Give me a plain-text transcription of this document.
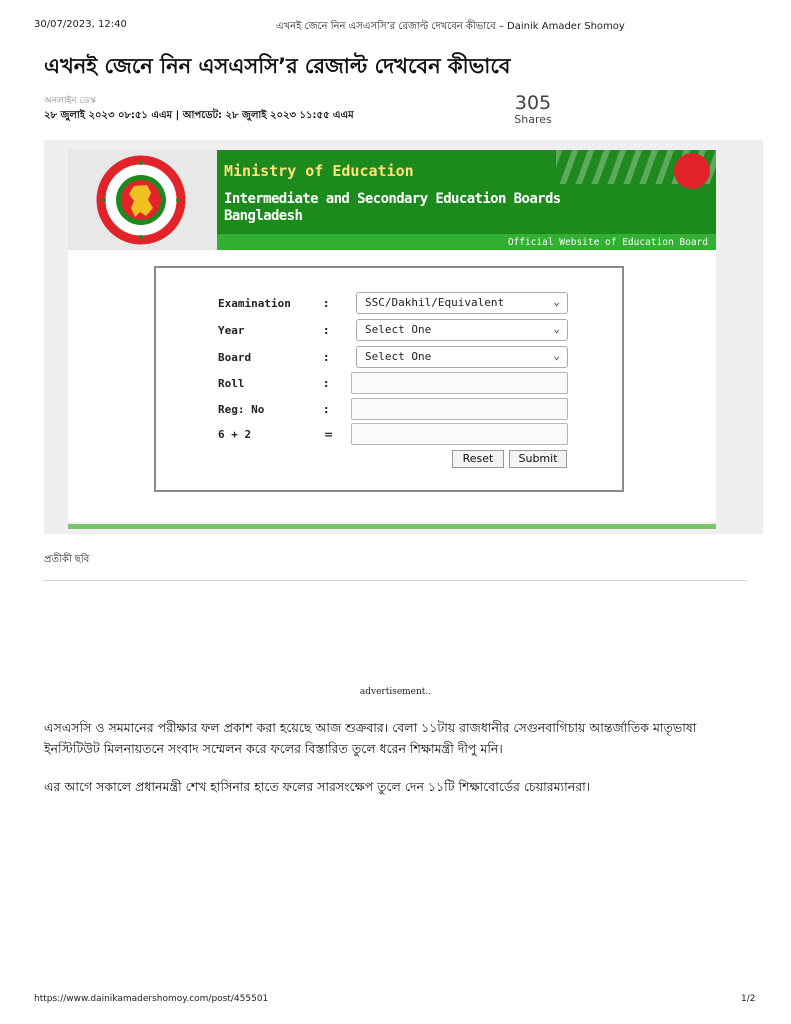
30/07/2023, 12:40	এখনই জেনে নিন এসএসসি’র রেজাল্ট দেখবেন কীভাবে – Dainik Amader Shomoy
এখনই জেনে নিন এসএসসি’র রেজাল্ট দেখবেন কীভাবে
অনলাইন ডেস্ক
২৮ জুলাই ২০২৩ ০৮:৫১ এএম | আপডেট: ২৮ জুলাই ২০২৩ ১১:৫৫ এএম
305
Shares
Ministry of Education
Intermediate and Secondary Education Boards
Bangladesh
Official Website of Education Board
Examination	:	SSC/Dakhil/Equivalent	⌄
Year	:	Select One	⌄
Board	:	Select One	⌄
Roll	:
Reg: No	:
6 + 2	=
Reset	Submit
প্রতীকী ছবি
advertisement..
এসএসসি ও সমমানের পরীক্ষার ফল প্রকাশ করা হয়েছে আজ শুক্রবার। বেলা ১১টায় রাজধানীর সেগুনবাগিচায় আন্তর্জাতিক মাতৃভাষা ইনস্টিটিউট মিলনায়তনে সংবাদ সম্মেলন করে ফলের বিস্তারিত তুলে ধরেন শিক্ষামন্ত্রী দীপু মনি।
এর আগে সকালে প্রধানমন্ত্রী শেখ হাসিনার হাতে ফলের সারসংক্ষেপ তুলে দেন ১১টি শিক্ষাবোর্ডের চেয়ারম্যানরা।
https://www.dainikamadershomoy.com/post/455501	1/2
